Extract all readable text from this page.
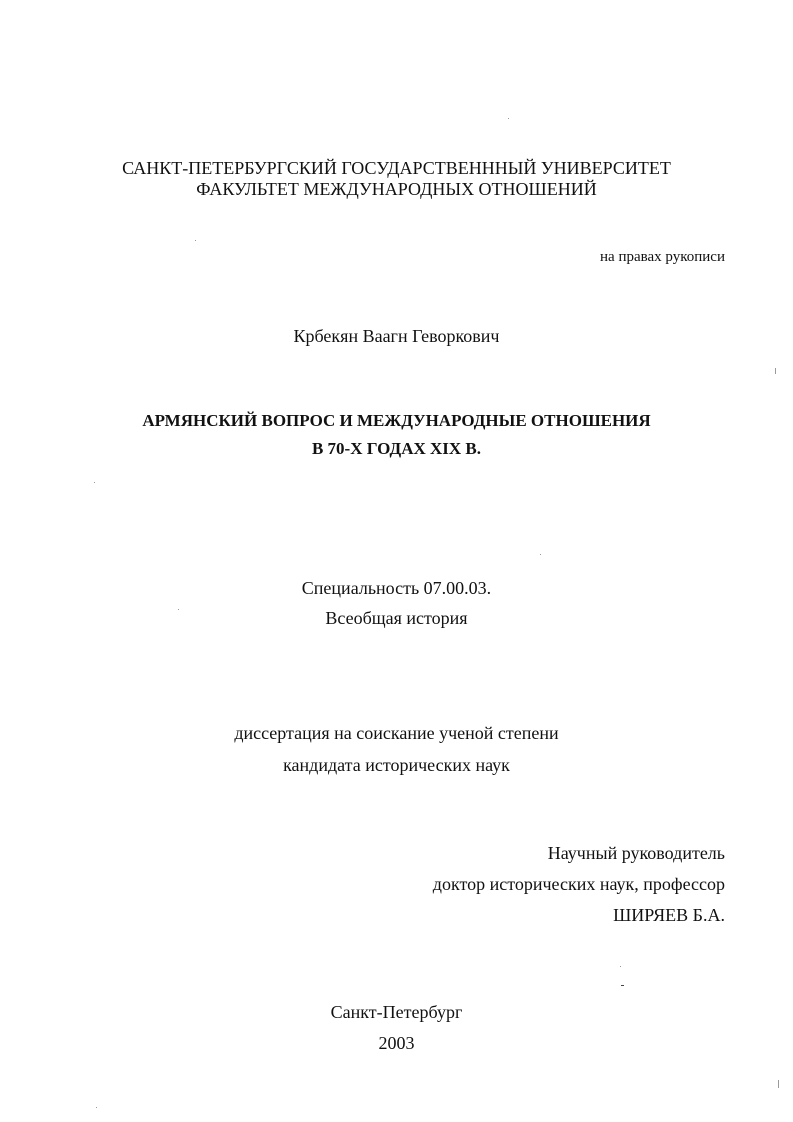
САНКТ-ПЕТЕРБУРГСКИЙ ГОСУДАРСТВЕНННЫЙ УНИВЕРСИТЕТ
ФАКУЛЬТЕТ МЕЖДУНАРОДНЫХ ОТНОШЕНИЙ
на правах рукописи
Крбекян Ваагн Геворкович
АРМЯНСКИЙ ВОПРОС И МЕЖДУНАРОДНЫЕ ОТНОШЕНИЯ
В 70-Х ГОДАХ XIX В.
Специальность 07.00.03.
Всеобщая история
диссертация на соискание ученой степени
кандидата исторических наук
Научный руководитель
доктор исторических наук, профессор
ШИРЯЕВ Б.А.
Санкт-Петербург
2003
